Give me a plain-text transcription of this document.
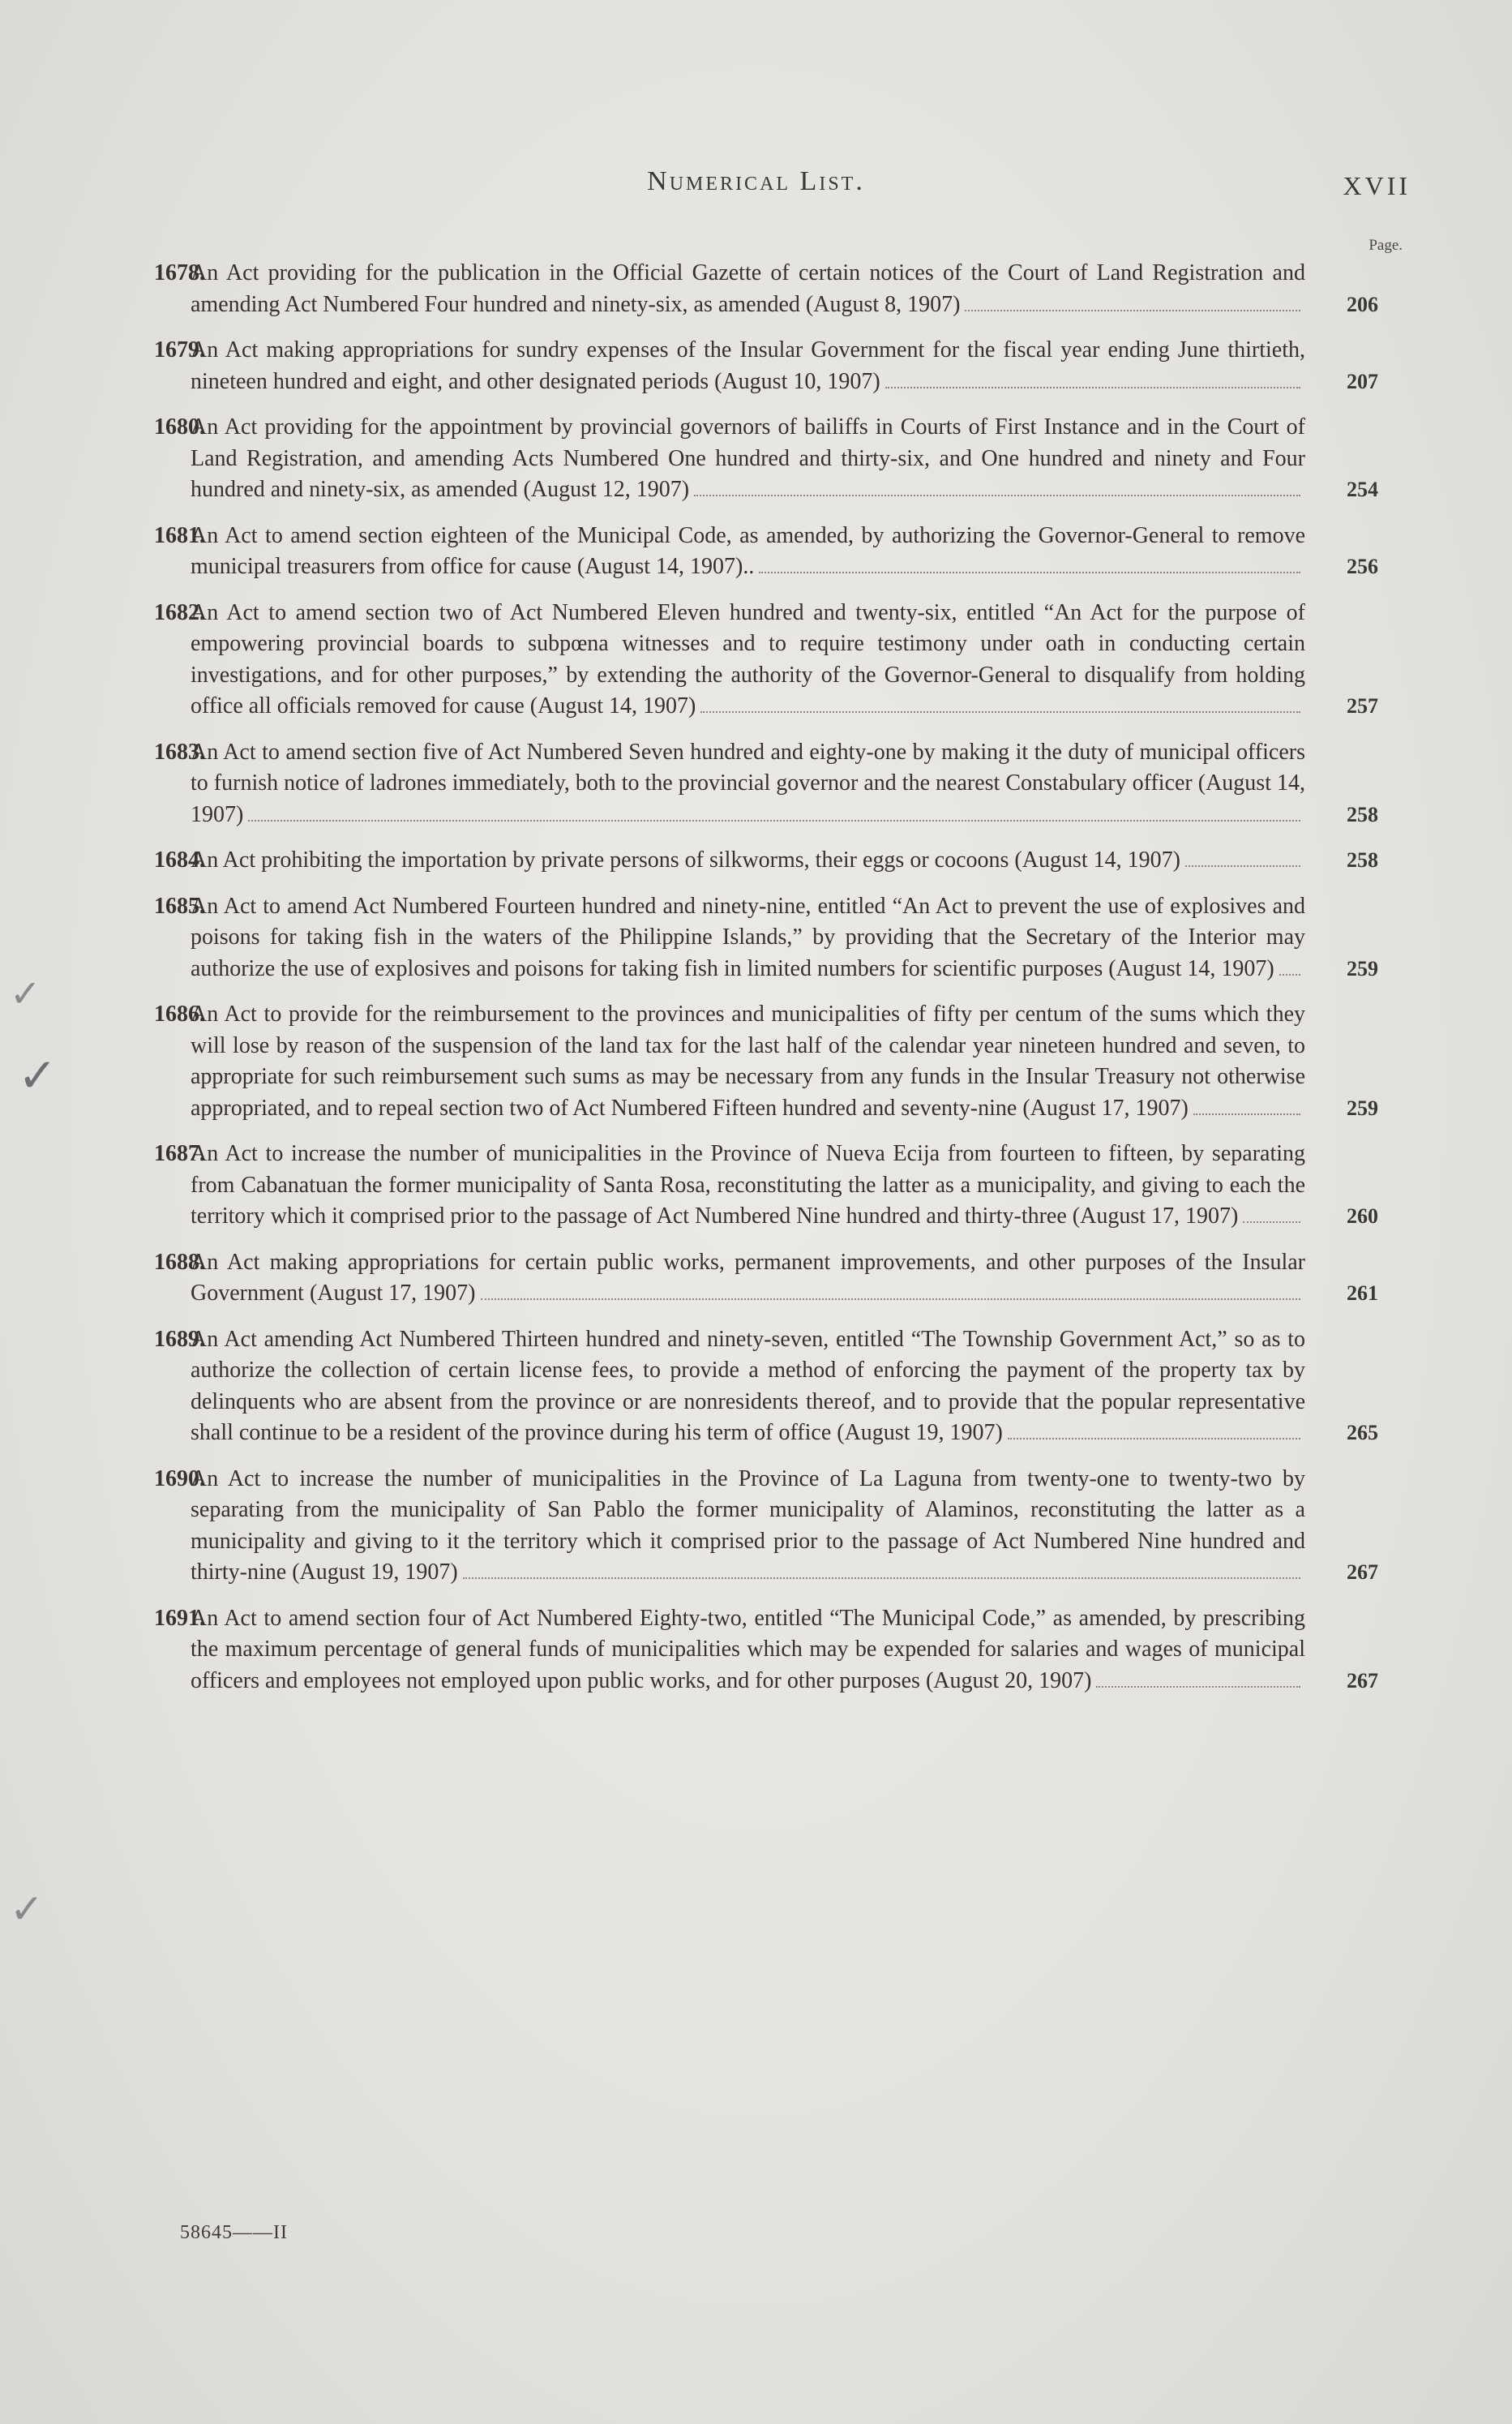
Numerical List.	XVII
Page.
✓
✓
✓
1678.
An Act providing for the publication in the Official Gazette of certain notices of the Court of Land Registration and amending Act Numbered Four hundred and ninety-six, as amended (August 8, 1907)	206
1679.
An Act making appropriations for sundry expenses of the Insular Government for the fiscal year ending June thirtieth, nineteen hundred and eight, and other designated periods (August 10, 1907)	207
1680.
An Act providing for the appointment by provincial governors of bailiffs in Courts of First Instance and in the Court of Land Registration, and amending Acts Numbered One hundred and thirty-six, and One hundred and ninety and Four hundred and ninety-six, as amended (August 12, 1907)	254
1681.
An Act to amend section eighteen of the Municipal Code, as amended, by authorizing the Governor-General to remove municipal treasurers from office for cause (August 14, 1907)..	256
1682.
An Act to amend section two of Act Numbered Eleven hundred and twenty-six, entitled “An Act for the purpose of empowering provincial boards to subpœna witnesses and to require testimony under oath in conducting certain investigations, and for other purposes,” by extending the authority of the Governor-General to disqualify from holding office all officials removed for cause (August 14, 1907)	257
1683.
An Act to amend section five of Act Numbered Seven hundred and eighty-one by making it the duty of municipal officers to furnish notice of ladrones immediately, both to the provincial governor and the nearest Constabulary officer (August 14, 1907)	258
1684.
An Act prohibiting the importation by private persons of silkworms, their eggs or cocoons (August 14, 1907)	258
1685.
An Act to amend Act Numbered Fourteen hundred and ninety-nine, entitled “An Act to prevent the use of explosives and poisons for taking fish in the waters of the Philippine Islands,” by providing that the Secretary of the Interior may authorize the use of explosives and poisons for taking fish in limited numbers for scientific purposes (August 14, 1907)	259
1686.
An Act to provide for the reimbursement to the provinces and municipalities of fifty per centum of the sums which they will lose by reason of the suspension of the land tax for the last half of the calendar year nineteen hundred and seven, to appropriate for such reimbursement such sums as may be necessary from any funds in the Insular Treasury not otherwise appropriated, and to repeal section two of Act Numbered Fifteen hundred and seventy-nine (August 17, 1907)	259
1687.
An Act to increase the number of municipalities in the Province of Nueva Ecija from fourteen to fifteen, by separating from Cabanatuan the former municipality of Santa Rosa, reconstituting the latter as a municipality, and giving to each the territory which it comprised prior to the passage of Act Numbered Nine hundred and thirty-three (August 17, 1907)	260
1688.
An Act making appropriations for certain public works, permanent improvements, and other purposes of the Insular Government (August 17, 1907)	261
1689.
An Act amending Act Numbered Thirteen hundred and ninety-seven, entitled “The Township Government Act,” so as to authorize the collection of certain license fees, to provide a method of enforcing the payment of the property tax by delinquents who are absent from the province or are nonresidents thereof, and to provide that the popular representative shall continue to be a resident of the province during his term of office (August 19, 1907)	265
1690.
An Act to increase the number of municipalities in the Province of La Laguna from twenty-one to twenty-two by separating from the municipality of San Pablo the former municipality of Alaminos, reconstituting the latter as a municipality and giving to it the territory which it comprised prior to the passage of Act Numbered Nine hundred and thirty-nine (August 19, 1907)	267
1691.
An Act to amend section four of Act Numbered Eighty-two, entitled “The Municipal Code,” as amended, by prescribing the maximum percentage of general funds of municipalities which may be expended for salaries and wages of municipal officers and employees not employed upon public works, and for other purposes (August 20, 1907)	267
58645——II
